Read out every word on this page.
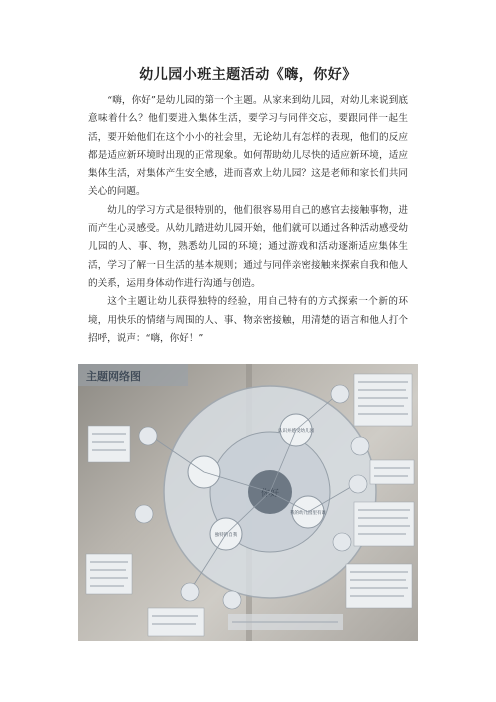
幼儿园小班主题活动《嗨，你好》

“嗨，你好”是幼儿园的第一个主题。从家来到幼儿园，对幼儿来说到底意味着什么？他们要进入集体生活，要学习与同伴交忘，要跟同伴一起生活，要开始他们在这个小小的社会里，无论幼儿有怎样的表现，他们的反应都是适应新环境时出现的正常现象。如何帮助幼儿尽快的适应新环境，适应集体生活，对集体产生安全感，进而喜欢上幼儿园？这是老师和家长们共同关心的问题。

幼儿的学习方式是很特别的，他们很容易用自己的感官去接触事物，进而产生心灵感受。从幼儿踏进幼儿园开始，他们就可以通过各种活动感受幼儿园的人、事、物，熟悉幼儿园的环境；通过游戏和活动逐渐适应集体生活，学习了解一日生活的基本规则；通过与同伴亲密接触来探索自我和他人的关系，运用身体动作进行沟通与创造。

这个主题让幼儿获得独特的经验，用自己特有的方式探索一个新的环境，用快乐的情绪与周围的人、事、物亲密接触，用清楚的语言和他人打个招呼，说声：“嗨，你好！”

主题网络图
你好
认识并感受幼儿园
我的幼儿园里有谁
独特的自我
